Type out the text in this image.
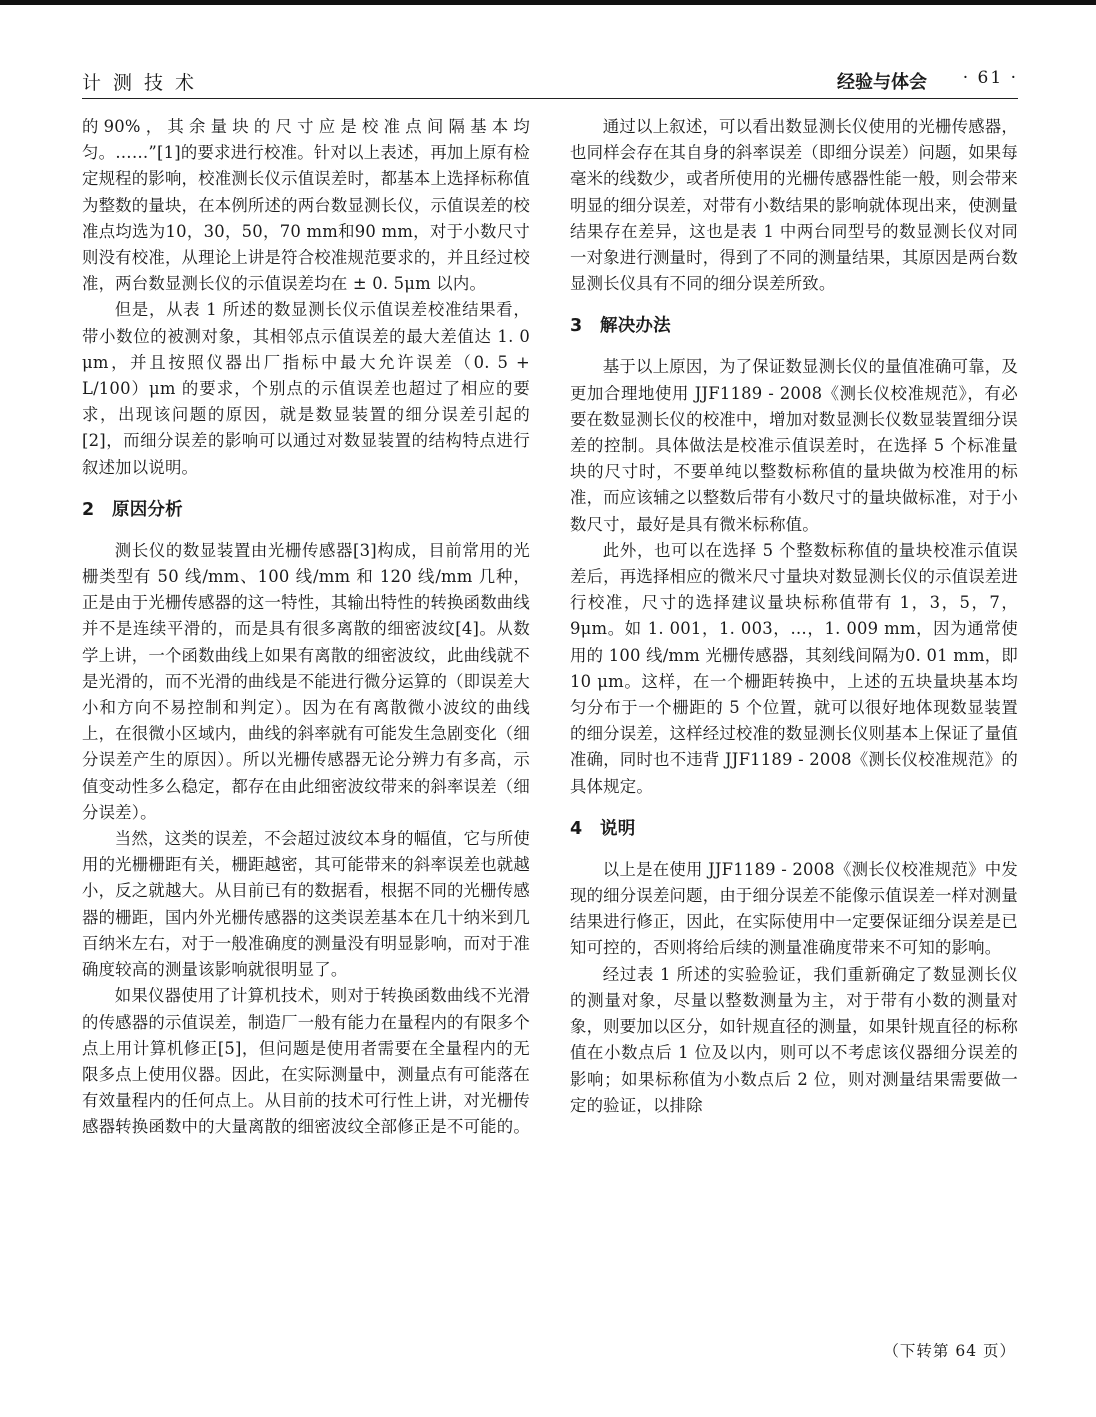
计测技术	经验与体会 · 61 ·

的90%，其余量块的尺寸应是校准点间隔基本均匀。……”[1]的要求进行校准。针对以上表述，再加上原有检定规程的影响，校准测长仪示值误差时，都基本上选择标称值为整数的量块，在本例所述的两台数显测长仪，示值误差的校准点均选为10，30，50，70 mm和90 mm，对于小数尺寸则没有校准，从理论上讲是符合校准规范要求的，并且经过校准，两台数显测长仪的示值误差均在 ± 0. 5μm 以内。

但是，从表 1 所述的数显测长仪示值误差校准结果看，带小数位的被测对象，其相邻点示值误差的最大差值达 1. 0 μm，并且按照仪器出厂指标中最大允许误差（0. 5 + L/100）μm 的要求，个别点的示值误差也超过了相应的要求，出现该问题的原因，就是数显装置的细分误差引起的[2]，而细分误差的影响可以通过对数显装置的结构特点进行叙述加以说明。

2 原因分析

测长仪的数显装置由光栅传感器[3]构成，目前常用的光栅类型有 50 线/mm、100 线/mm 和 120 线/mm 几种，正是由于光栅传感器的这一特性，其输出特性的转换函数曲线并不是连续平滑的，而是具有很多离散的细密波纹[4]。从数学上讲，一个函数曲线上如果有离散的细密波纹，此曲线就不是光滑的，而不光滑的曲线是不能进行微分运算的（即误差大小和方向不易控制和判定）。因为在有离散微小波纹的曲线上，在很微小区域内，曲线的斜率就有可能发生急剧变化（细分误差产生的原因）。所以光栅传感器无论分辨力有多高，示值变动性多么稳定，都存在由此细密波纹带来的斜率误差（细分误差）。

当然，这类的误差，不会超过波纹本身的幅值，它与所使用的光栅栅距有关，栅距越密，其可能带来的斜率误差也就越小，反之就越大。从目前已有的数据看，根据不同的光栅传感器的栅距，国内外光栅传感器的这类误差基本在几十纳米到几百纳米左右，对于一般准确度的测量没有明显影响，而对于准确度较高的测量该影响就很明显了。

如果仪器使用了计算机技术，则对于转换函数曲线不光滑的传感器的示值误差，制造厂一般有能力在量程内的有限多个点上用计算机修正[5]，但问题是使用者需要在全量程内的无限多点上使用仪器。因此，在实际测量中，测量点有可能落在有效量程内的任何点上。从目前的技术可行性上讲，对光栅传感器转换函数中的大量离散的细密波纹全部修正是不可能的。

通过以上叙述，可以看出数显测长仪使用的光栅传感器，也同样会存在其自身的斜率误差（即细分误差）问题，如果每毫米的线数少，或者所使用的光栅传感器性能一般，则会带来明显的细分误差，对带有小数结果的影响就体现出来，使测量结果存在差异，这也是表 1 中两台同型号的数显测长仪对同一对象进行测量时，得到了不同的测量结果，其原因是两台数显测长仪具有不同的细分误差所致。

3 解决办法

基于以上原因，为了保证数显测长仪的量值准确可靠，及更加合理地使用 JJF1189 - 2008《测长仪校准规范》，有必要在数显测长仪的校准中，增加对数显测长仪数显装置细分误差的控制。具体做法是校准示值误差时，在选择 5 个标准量块的尺寸时，不要单纯以整数标称值的量块做为校准用的标准，而应该辅之以整数后带有小数尺寸的量块做标准，对于小数尺寸，最好是具有微米标称值。

此外，也可以在选择 5 个整数标称值的量块校准示值误差后，再选择相应的微米尺寸量块对数显测长仪的示值误差进行校准，尺寸的选择建议量块标称值带有 1，3，5，7，9μm。如 1. 001，1. 003，…，1. 009 mm，因为通常使用的 100 线/mm 光栅传感器，其刻线间隔为0. 01 mm，即10 μm。这样，在一个栅距转换中，上述的五块量块基本均匀分布于一个栅距的 5 个位置，就可以很好地体现数显装置的细分误差，这样经过校准的数显测长仪则基本上保证了量值准确，同时也不违背 JJF1189 - 2008《测长仪校准规范》的具体规定。

4 说明

以上是在使用 JJF1189 - 2008《测长仪校准规范》中发现的细分误差问题，由于细分误差不能像示值误差一样对测量结果进行修正，因此，在实际使用中一定要保证细分误差是已知可控的，否则将给后续的测量准确度带来不可知的影响。

经过表 1 所述的实验验证，我们重新确定了数显测长仪的测量对象，尽量以整数测量为主，对于带有小数的测量对象，则要加以区分，如针规直径的测量，如果针规直径的标称值在小数点后 1 位及以内，则可以不考虑该仪器细分误差的影响；如果标称值为小数点后 2 位，则对测量结果需要做一定的验证，以排除

（下转第 64 页）
